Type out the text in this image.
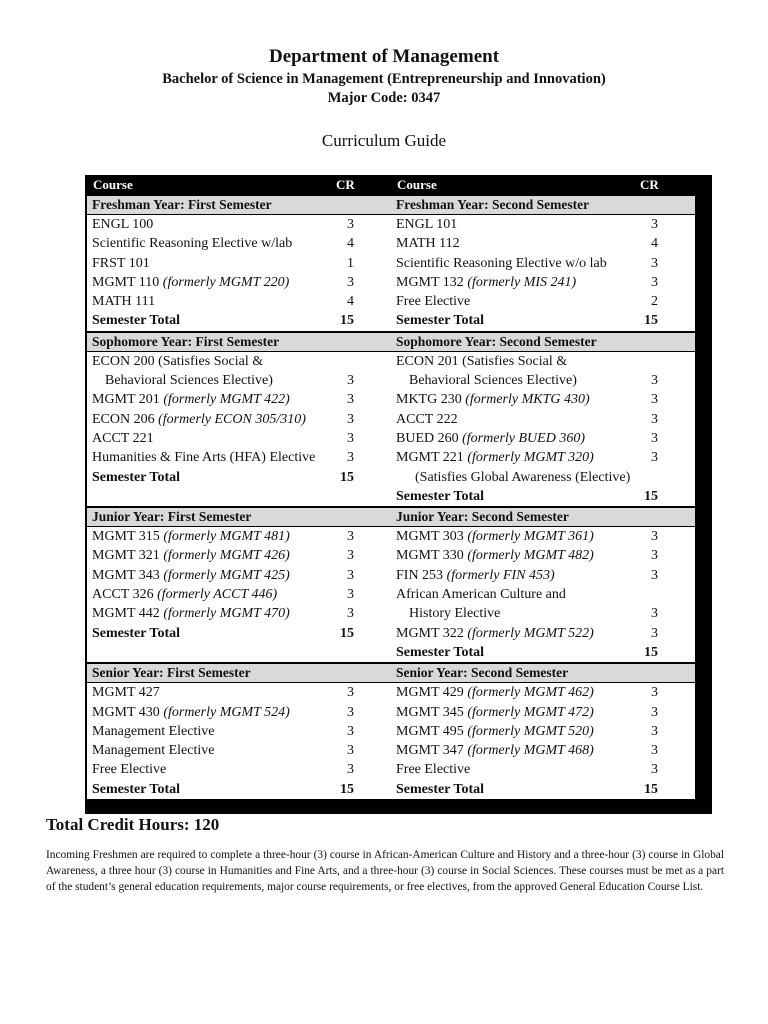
Department of Management
Bachelor of Science in Management (Entrepreneurship and Innovation)
Major Code: 0347
Curriculum Guide
Course	CR
Freshman Year: First Semester
ENGL 100	3
Scientific Reasoning Elective w/lab	4
FRST 101	1
MGMT 110 (formerly MGMT 220)	3
MATH 111	4
Semester Total	15
Sophomore Year: First Semester
ECON 200 (Satisfies Social &
Behavioral Sciences Elective)	3
MGMT 201 (formerly MGMT 422)	3
ECON 206 (formerly ECON 305/310)	3
ACCT 221	3
Humanities & Fine Arts (HFA) Elective 3
Semester Total	15
Junior Year: First Semester
MGMT 315 (formerly MGMT 481)	3
MGMT 321 (formerly MGMT 426)	3
MGMT 343 (formerly MGMT 425)	3
ACCT 326 (formerly ACCT 446)	3
MGMT 442 (formerly MGMT 470)	3
Semester Total	15
Senior Year: First Semester
MGMT 427	3
MGMT 430 (formerly MGMT 524)	3
Management Elective	3
Management Elective	3
Free Elective	3
Semester Total	15
Course	CR
Freshman Year: Second Semester
ENGL 101	3
MATH 112	4
Scientific Reasoning Elective w/o lab	3
MGMT 132 (formerly MIS 241)	3
Free Elective	2
Semester Total	15
Sophomore Year: Second Semester
ECON 201 (Satisfies Social &
Behavioral Sciences Elective)	3
MKTG 230 (formerly MKTG 430)	3
ACCT 222	3
BUED 260 (formerly BUED 360)	3
MGMT 221 (formerly MGMT 320)	3
(Satisfies Global Awareness (Elective)
Semester Total	15
Junior Year: Second Semester
MGMT 303 (formerly MGMT 361)	3
MGMT 330 (formerly MGMT 482)	3
FIN 253 (formerly FIN 453)	3
African American Culture and
History Elective	3
MGMT 322 (formerly MGMT 522)	3
Semester Total	15
Senior Year: Second Semester
MGMT 429 (formerly MGMT 462)	3
MGMT 345 (formerly MGMT 472)	3
MGMT 495 (formerly MGMT 520)	3
MGMT 347 (formerly MGMT 468)	3
Free Elective	3
Semester Total	15
Total Credit Hours: 120
Incoming Freshmen are required to complete a three-hour (3) course in African-American Culture and History and a three-hour (3) course in Global Awareness, a three hour (3) course in Humanities and Fine Arts, and a three-hour (3) course in Social Sciences. These courses must be met as a part of the student’s general education requirements, major course requirements, or free electives, from the approved General Education Course List.
